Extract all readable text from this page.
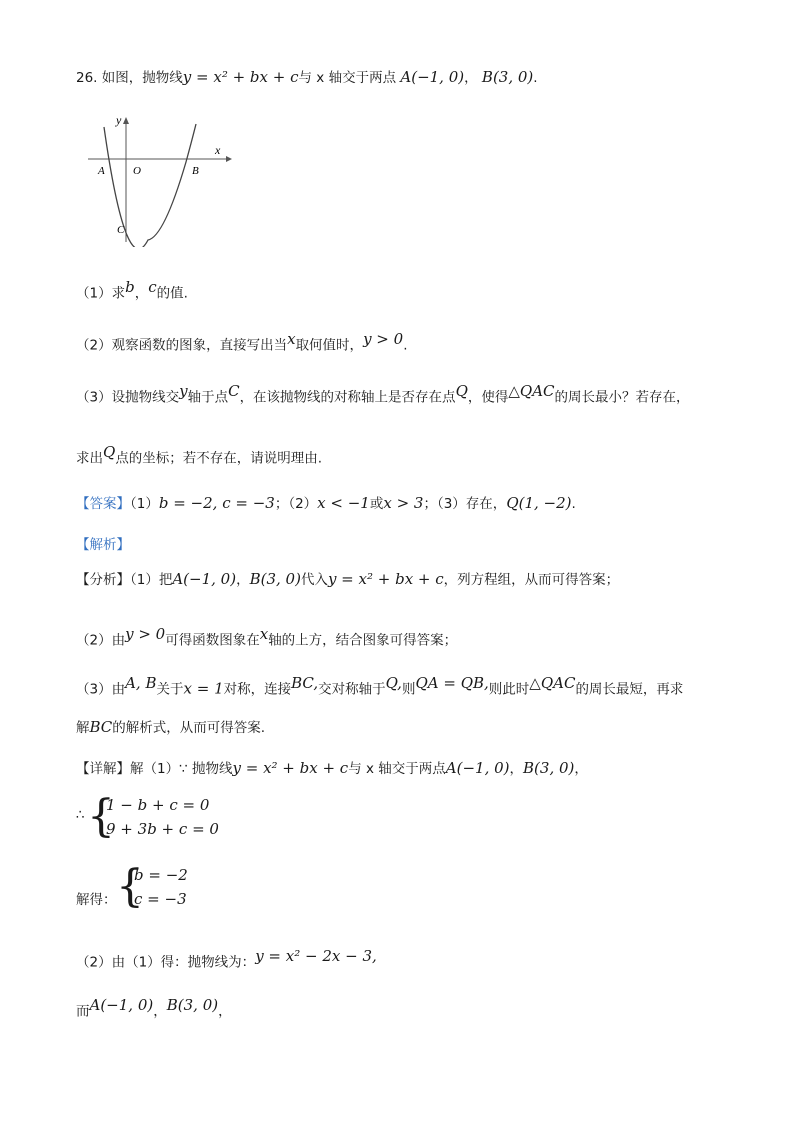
26. 如图，抛物线y = x² + bx + c与 x 轴交于两点 A(−1, 0)， B(3, 0).
y
x
A	O	B
C
（1）求$^b$，$^c$的值.
（2）观察函数的图象，直接写出当$^x$取何值时，$^{y > 0}$.
（3）设抛物线交$^y$轴于点$^C$，在该抛物线的对称轴上是否存在点$^Q$，使得$^{\triangle QAC}$的周长最小？若存在，
求出$^Q$点的坐标；若不存在，请说明理由.
【答案】（1）b = −2, c = −3；（2）x < −1或x > 3；（3）存在，Q(1, −2).
【解析】
【分析】（1）把A(−1, 0)，B(3, 0)代入y = x² + bx + c，列方程组，从而可得答案；
（2）由$^{y > 0}$可得函数图象在$^x$轴的上方，结合图象可得答案；
（3）由$^{A, B}$关于x = 1对称，连接$^{BC,}$交对称轴于$^{Q,}$则$^{QA = QB,}$则此时$^{\triangle QAC}$的周长最短，再求
解BC的解析式，从而可得答案.
【详解】解（1）∵ 抛物线y = x² + bx + c与 x 轴交于两点A(−1, 0)，B(3, 0)，
∴ {
1 − b + c = 0
9 + 3b + c = 0
解得： {
b = −2
c = −3
（2）由（1）得：抛物线为：$^{y = x^2 - 2x - 3,}$
而$^{A(-1, 0)}$，$^{B(3, 0)}$，
